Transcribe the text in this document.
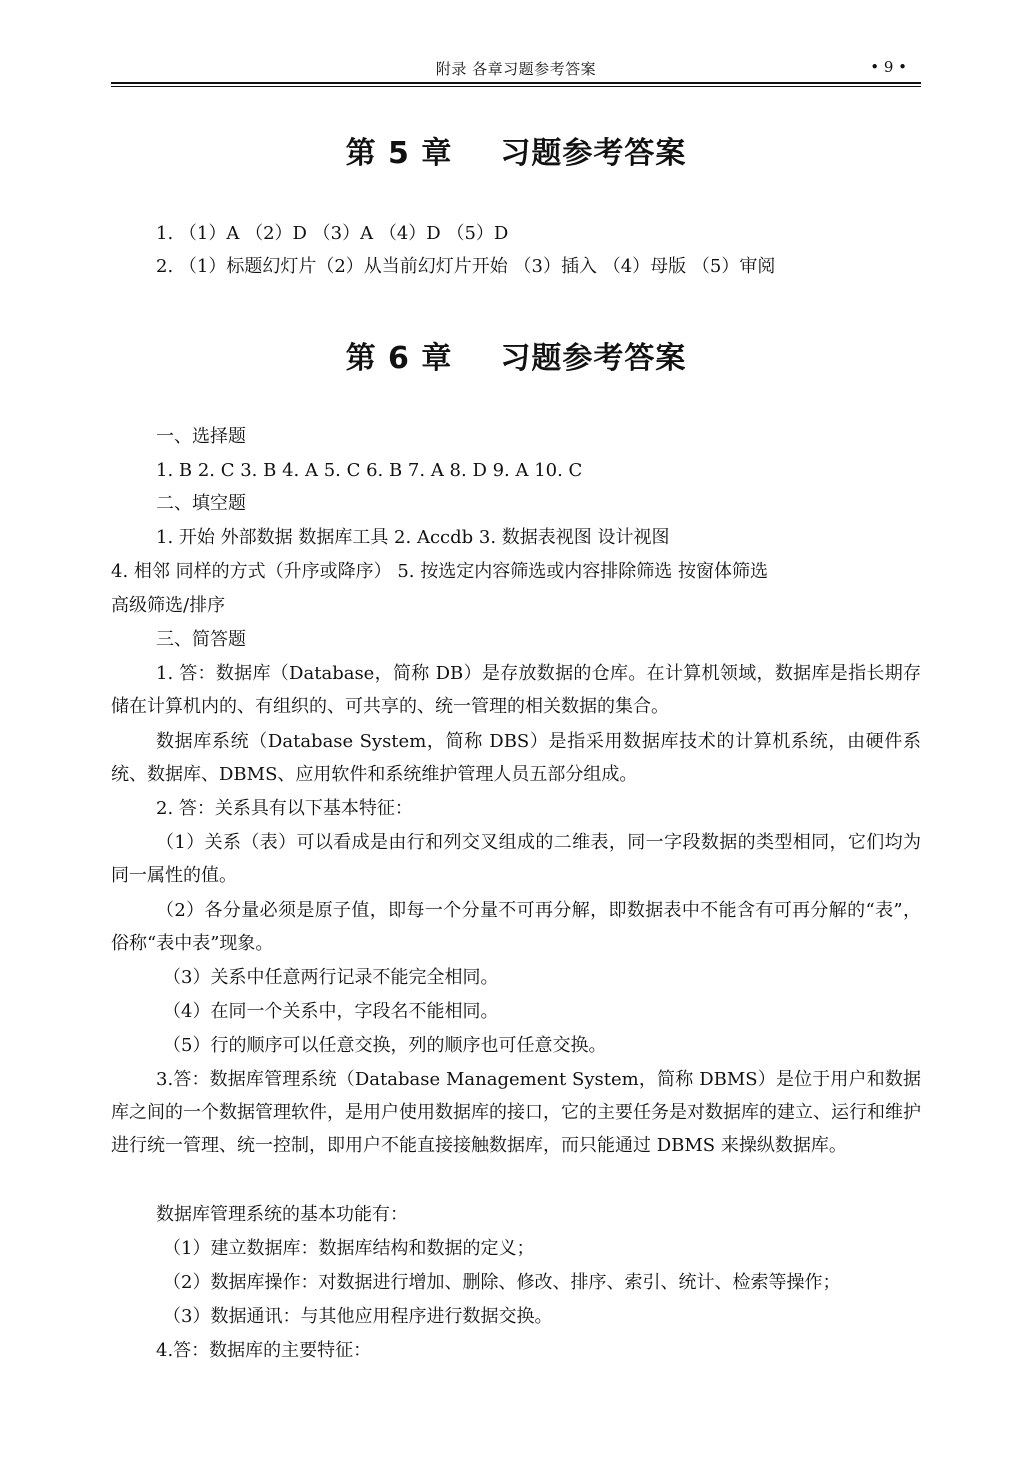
附录 各章习题参考答案	• 9 •
第 5 章 习题参考答案
1. （1）A （2）D （3）A （4）D （5）D
2. （1）标题幻灯片（2）从当前幻灯片开始 （3）插入 （4）母版 （5）审阅
第 6 章 习题参考答案
一、选择题
1. B 2. C 3. B 4. A 5. C 6. B 7. A 8. D 9. A 10. C
二、填空题
1. 开始 外部数据 数据库工具 2. Accdb 3. 数据表视图 设计视图
4. 相邻 同样的方式（升序或降序） 5. 按选定内容筛选或内容排除筛选 按窗体筛选
高级筛选/排序
三、简答题
1. 答：数据库（Database，简称 DB）是存放数据的仓库。在计算机领域，数据库是指长期存储在计算机内的、有组织的、可共享的、统一管理的相关数据的集合。
数据库系统（Database System，简称 DBS）是指采用数据库技术的计算机系统，由硬件系统、数据库、DBMS、应用软件和系统维护管理人员五部分组成。
2. 答：关系具有以下基本特征：
（1）关系（表）可以看成是由行和列交叉组成的二维表，同一字段数据的类型相同，它们均为同一属性的值。
（2）各分量必须是原子值，即每一个分量不可再分解，即数据表中不能含有可再分解的“表”，俗称“表中表”现象。
（3）关系中任意两行记录不能完全相同。
（4）在同一个关系中，字段名不能相同。
（5）行的顺序可以任意交换，列的顺序也可任意交换。
3.答：数据库管理系统（Database Management System，简称 DBMS）是位于用户和数据库之间的一个数据管理软件，是用户使用数据库的接口，它的主要任务是对数据库的建立、运行和维护进行统一管理、统一控制，即用户不能直接接触数据库，而只能通过 DBMS 来操纵数据库。
数据库管理系统的基本功能有：
（1）建立数据库：数据库结构和数据的定义；
（2）数据库操作：对数据进行增加、删除、修改、排序、索引、统计、检索等操作；
（3）数据通讯：与其他应用程序进行数据交换。
4.答：数据库的主要特征：
